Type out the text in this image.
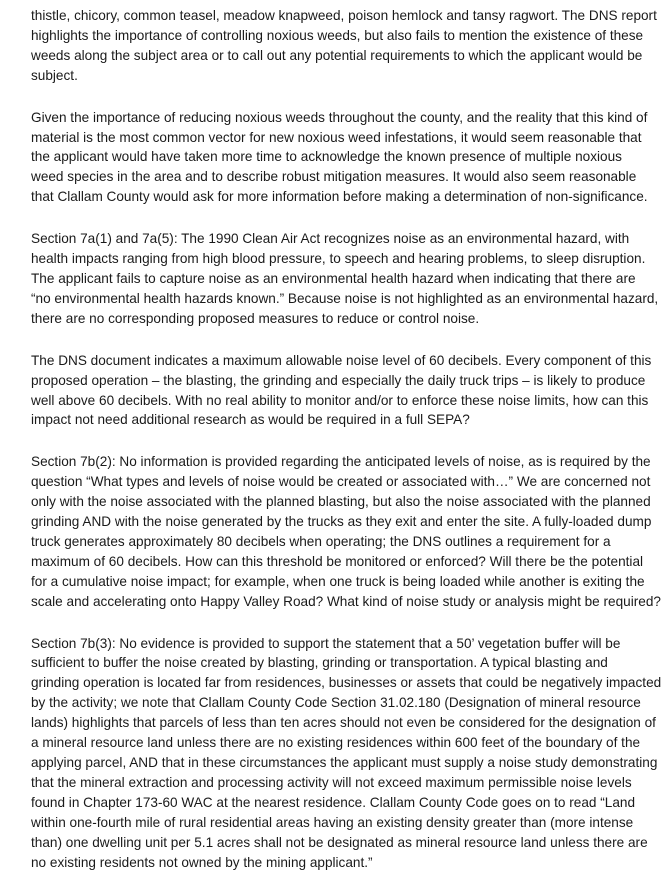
thistle, chicory, common teasel, meadow knapweed, poison hemlock and tansy ragwort. The DNS report
highlights the importance of controlling noxious weeds, but also fails to mention the existence of these
weeds along the subject area or to call out any potential requirements to which the applicant would be
subject.
Given the importance of reducing noxious weeds throughout the county, and the reality that this kind of
material is the most common vector for new noxious weed infestations, it would seem reasonable that
the applicant would have taken more time to acknowledge the known presence of multiple noxious
weed species in the area and to describe robust mitigation measures. It would also seem reasonable
that Clallam County would ask for more information before making a determination of non-significance.
Section 7a(1) and 7a(5): The 1990 Clean Air Act recognizes noise as an environmental hazard, with
health impacts ranging from high blood pressure, to speech and hearing problems, to sleep disruption.
The applicant fails to capture noise as an environmental health hazard when indicating that there are
“no environmental health hazards known.” Because noise is not highlighted as an environmental hazard,
there are no corresponding proposed measures to reduce or control noise.
The DNS document indicates a maximum allowable noise level of 60 decibels. Every component of this
proposed operation – the blasting, the grinding and especially the daily truck trips – is likely to produce
well above 60 decibels. With no real ability to monitor and/or to enforce these noise limits, how can this
impact not need additional research as would be required in a full SEPA?
Section 7b(2): No information is provided regarding the anticipated levels of noise, as is required by the
question “What types and levels of noise would be created or associated with…” We are concerned not
only with the noise associated with the planned blasting, but also the noise associated with the planned
grinding AND with the noise generated by the trucks as they exit and enter the site. A fully-loaded dump
truck generates approximately 80 decibels when operating; the DNS outlines a requirement for a
maximum of 60 decibels. How can this threshold be monitored or enforced? Will there be the potential
for a cumulative noise impact; for example, when one truck is being loaded while another is exiting the
scale and accelerating onto Happy Valley Road? What kind of noise study or analysis might be required?
Section 7b(3): No evidence is provided to support the statement that a 50’ vegetation buffer will be
sufficient to buffer the noise created by blasting, grinding or transportation. A typical blasting and
grinding operation is located far from residences, businesses or assets that could be negatively impacted
by the activity; we note that Clallam County Code Section 31.02.180 (Designation of mineral resource
lands) highlights that parcels of less than ten acres should not even be considered for the designation of
a mineral resource land unless there are no existing residences within 600 feet of the boundary of the
applying parcel, AND that in these circumstances the applicant must supply a noise study demonstrating
that the mineral extraction and processing activity will not exceed maximum permissible noise levels
found in Chapter 173-60 WAC at the nearest residence. Clallam County Code goes on to read “Land
within one-fourth mile of rural residential areas having an existing density greater than (more intense
than) one dwelling unit per 5.1 acres shall not be designated as mineral resource land unless there are
no existing residents not owned by the mining applicant.”
